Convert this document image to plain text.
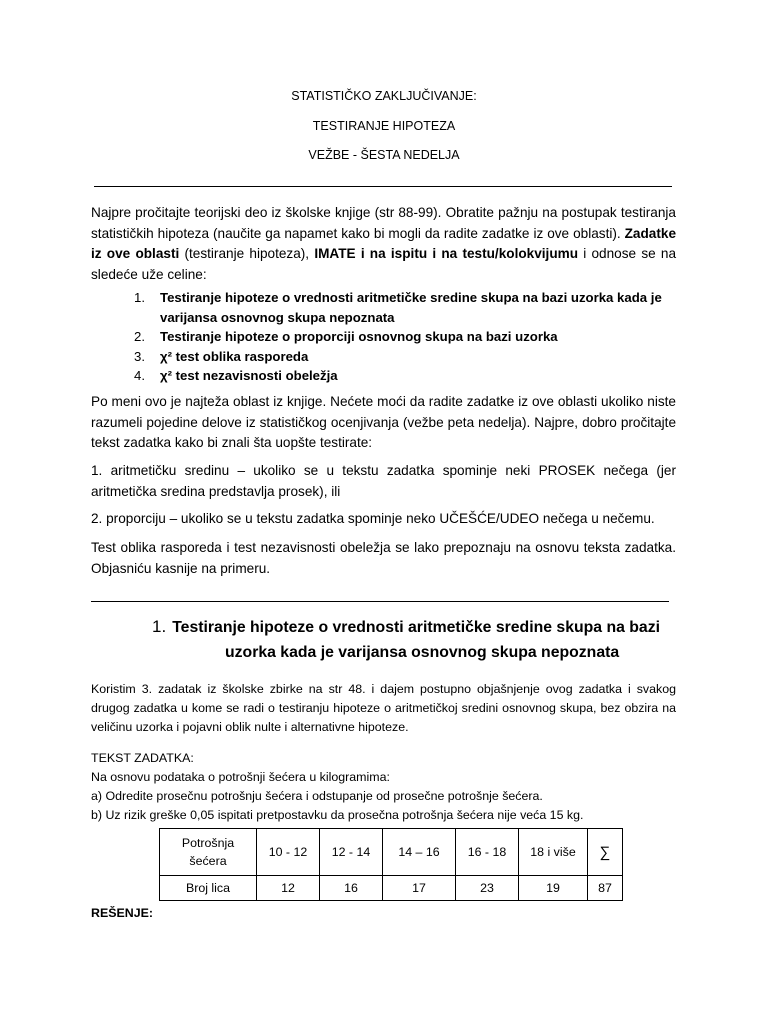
STATISTIČKO ZAKLJUČIVANJE:
TESTIRANJE HIPOTEZA
VEŽBE - ŠESTA NEDELJA
Najpre pročitajte teorijski deo iz školske knjige (str 88-99). Obratite pažnju na postupak testiranja statističkih hipoteza (naučite ga napamet kako bi mogli da radite zadatke iz ove oblasti). Zadatke iz ove oblasti (testiranje hipoteza), IMATE i na ispitu i na testu/kolokvijumu i odnose se na sledeće uže celine:
1. Testiranje hipoteze o vrednosti aritmetičke sredine skupa na bazi uzorka kada je varijansa osnovnog skupa nepoznata
2. Testiranje hipoteze o proporciji osnovnog skupa na bazi uzorka
3. χ² test oblika rasporeda
4. χ² test nezavisnosti obeležja
Po meni ovo je najteža oblast iz knjige. Nećete moći da radite zadatke iz ove oblasti ukoliko niste razumeli pojedine delove iz statističkog ocenjivanja (vežbe peta nedelja). Najpre, dobro pročitajte tekst zadatka kako bi znali šta uopšte testirate:
1. aritmetičku sredinu – ukoliko se u tekstu zadatka spominje neki PROSEK nečega (jer aritmetička sredina predstavlja prosek), ili
2. proporciju – ukoliko se u tekstu zadatka spominje neko UČEŠĆE/UDEO nečega u nečemu.
Test oblika rasporeda i test nezavisnosti obeležja se lako prepoznaju na osnovu teksta zadatka. Objasniću kasnije na primeru.
1. Testiranje hipoteze o vrednosti aritmetičke sredine skupa na bazi
uzorka kada je varijansa osnovnog skupa nepoznata
Koristim 3. zadatak iz školske zbirke na str 48. i dajem postupno objašnjenje ovog zadatka i svakog drugog zadatka u kome se radi o testiranju hipoteze o aritmetičkoj sredini osnovnog skupa, bez obzira na veličinu uzorka i pojavni oblik nulte i alternativne hipoteze.
TEKST ZADATKA:
Na osnovu podataka o potrošnji šećera u kilogramima:
a) Odredite prosečnu potrošnju šećera i odstupanje od prosečne potrošnje šećera.
b) Uz rizik greške 0,05 ispitati pretpostavku da prosečna potrošnja šećera nije veća 15 kg.
Potrošnja
šećera	10 - 12	12 - 14	14 – 16	16 - 18	18 i više	∑
Broj lica	12	16	17	23	19	87
REŠENJE:
